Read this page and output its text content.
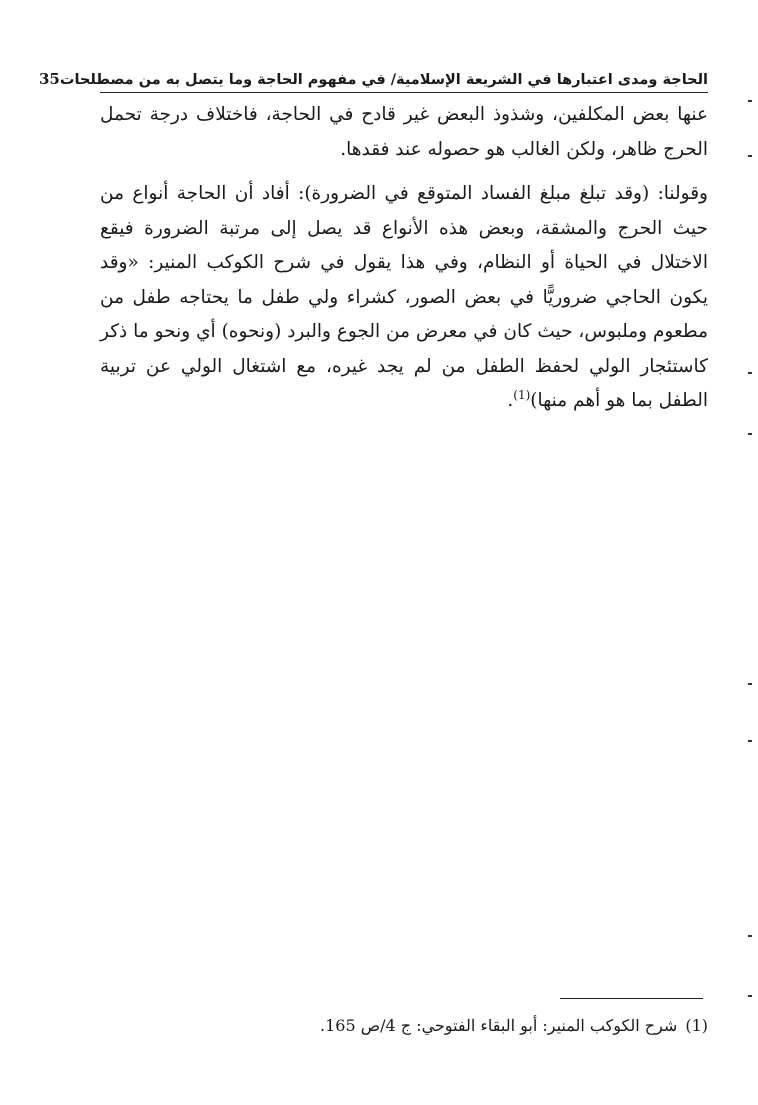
الحاجة ومدى اعتبارها في الشريعة الإسلامية/ في مفهوم الحاجة وما يتصل به من مصطلحات
35

عنها بعض المكلفين، وشذوذ البعض غير قادح في الحاجة، فاختلاف درجة تحمل الحرج ظاهر، ولكن الغالب هو حصوله عند فقدها.

وقولنا: (وقد تبلغ مبلغ الفساد المتوقع في الضرورة): أفاد أن الحاجة أنواع من حيث الحرج والمشقة، وبعض هذه الأنواع قد يصل إلى مرتبة الضرورة فيقع الاختلال في الحياة أو النظام، وفي هذا يقول في شرح الكوكب المنير: «وقد يكون الحاجي ضروريًّا في بعض الصور، كشراء ولي طفل ما يحتاجه طفل من مطعوم وملبوس، حيث كان في معرض من الجوع والبرد (ونحوه) أي ونحو ما ذكر كاستئجار الولي لحفظ الطفل من لم يجد غيره، مع اشتغال الولي عن تربية الطفل بما هو أهم منها)$^{(1)}$.

(1)شرح الكوكب المنير: أبو البقاء الفتوحي: ج 4/ص 165.
